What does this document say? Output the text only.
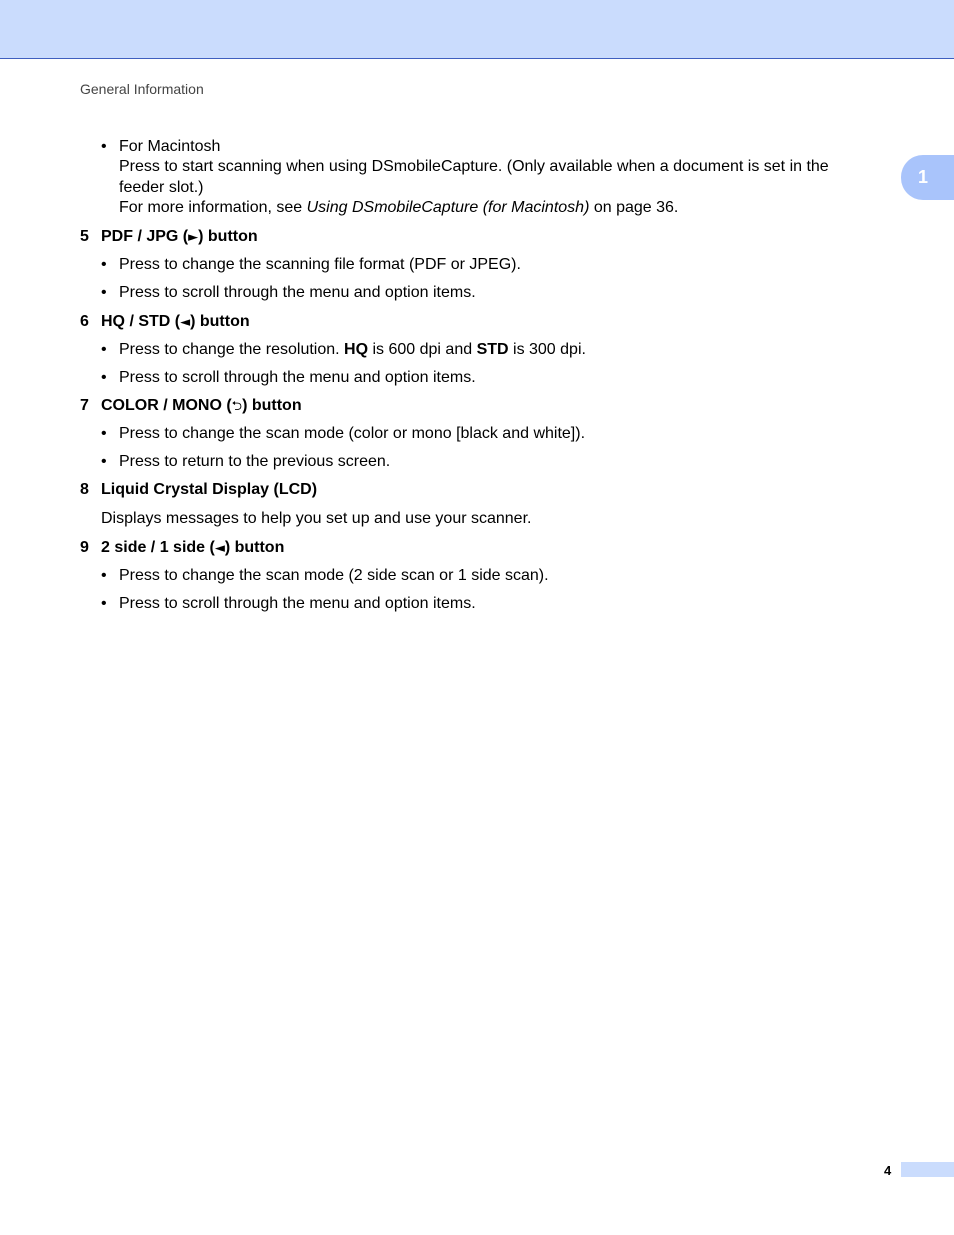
General Information
1
• For Macintosh
Press to start scanning when using DSmobileCapture. (Only available when a document is set in the
feeder slot.)
For more information, see Using DSmobileCapture (for Macintosh) on page 36.
5 PDF / JPG (►) button
• Press to change the scanning file format (PDF or JPEG).
• Press to scroll through the menu and option items.
6 HQ / STD (◄) button
• Press to change the resolution. HQ is 600 dpi and STD is 300 dpi.
• Press to scroll through the menu and option items.
7 COLOR / MONO (⮌) button
• Press to change the scan mode (color or mono [black and white]).
• Press to return to the previous screen.
8 Liquid Crystal Display (LCD)
Displays messages to help you set up and use your scanner.
9 2 side / 1 side (◄) button
• Press to change the scan mode (2 side scan or 1 side scan).
• Press to scroll through the menu and option items.
4
